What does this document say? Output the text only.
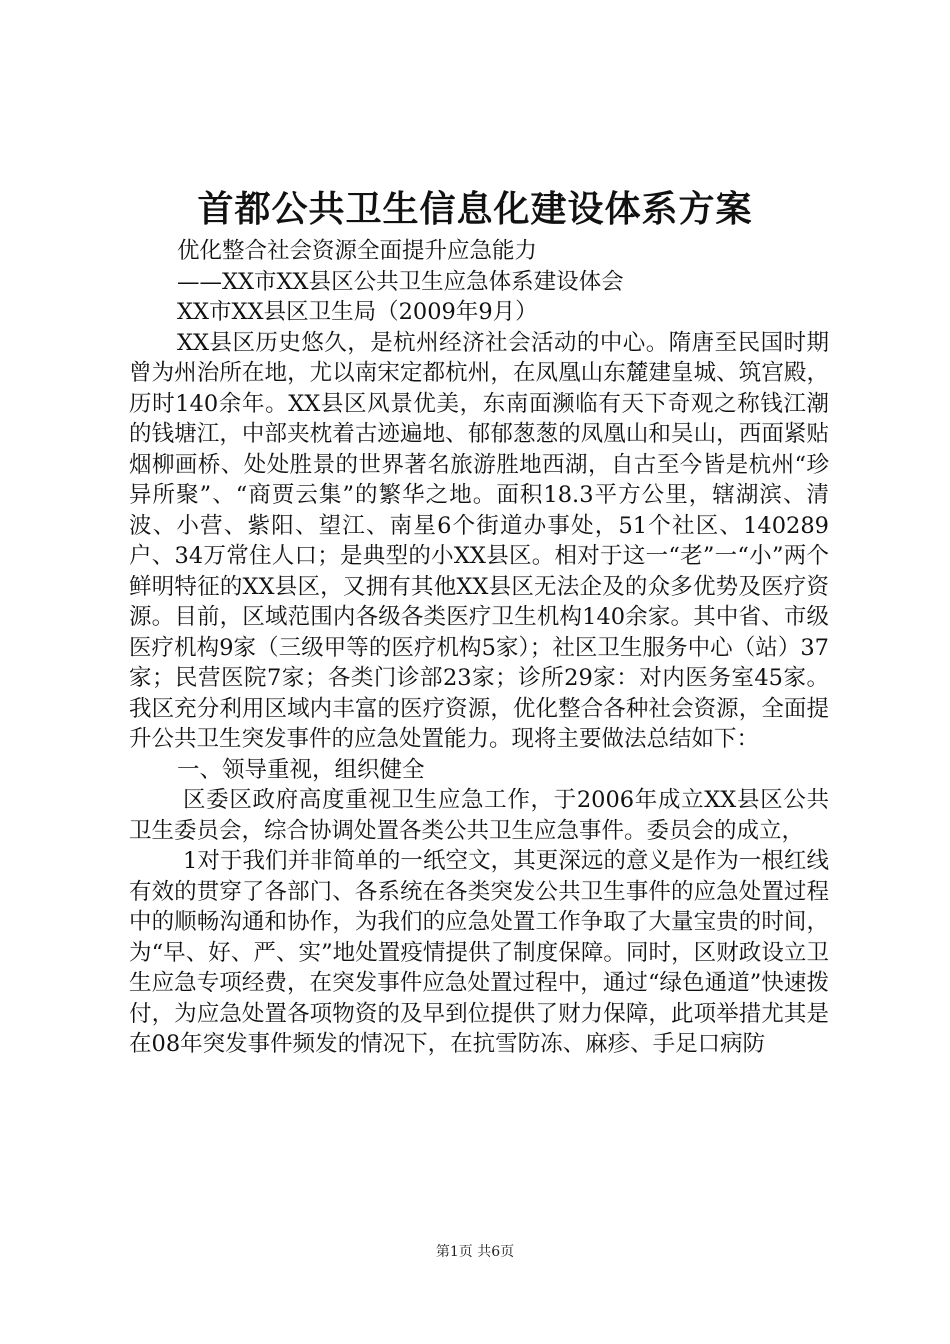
首都公共卫生信息化建设体系方案
优化整合社会资源全面提升应急能力
——XX市XX县区公共卫生应急体系建设体会
XX市XX县区卫生局（2009年9月）
XX县区历史悠久，是杭州经济社会活动的中心。隋唐至民国时期曾为州治所在地，尤以南宋定都杭州，在凤凰山东麓建皇城、筑宫殿，历时140余年。XX县区风景优美，东南面濒临有天下奇观之称钱江潮的钱塘江，中部夹枕着古迹遍地、郁郁葱葱的凤凰山和吴山，西面紧贴烟柳画桥、处处胜景的世界著名旅游胜地西湖，自古至今皆是杭州“珍异所聚”、“商贾云集”的繁华之地。面积18.3平方公里，辖湖滨、清波、小营、紫阳、望江、南星6个街道办事处，51个社区、140289户、34万常住人口；是典型的小XX县区。相对于这一“老”一“小”两个鲜明特征的XX县区，又拥有其他XX县区无法企及的众多优势及医疗资源。目前，区域范围内各级各类医疗卫生机构140余家。其中省、市级医疗机构9家（三级甲等的医疗机构5家）；社区卫生服务中心（站）37家；民营医院7家；各类门诊部23家；诊所29家：对内医务室45家。我区充分利用区域内丰富的医疗资源，优化整合各种社会资源，全面提升公共卫生突发事件的应急处置能力。现将主要做法总结如下：
一、领导重视，组织健全
区委区政府高度重视卫生应急工作，于2006年成立XX县区公共卫生委员会，综合协调处置各类公共卫生应急事件。委员会的成立，
1对于我们并非简单的一纸空文，其更深远的意义是作为一根红线有效的贯穿了各部门、各系统在各类突发公共卫生事件的应急处置过程中的顺畅沟通和协作，为我们的应急处置工作争取了大量宝贵的时间，为“早、好、严、实”地处置疫情提供了制度保障。同时，区财政设立卫生应急专项经费，在突发事件应急处置过程中，通过“绿色通道”快速拨付，为应急处置各项物资的及早到位提供了财力保障，此项举措尤其是在08年突发事件频发的情况下，在抗雪防冻、麻疹、手足口病防
第1页 共6页
